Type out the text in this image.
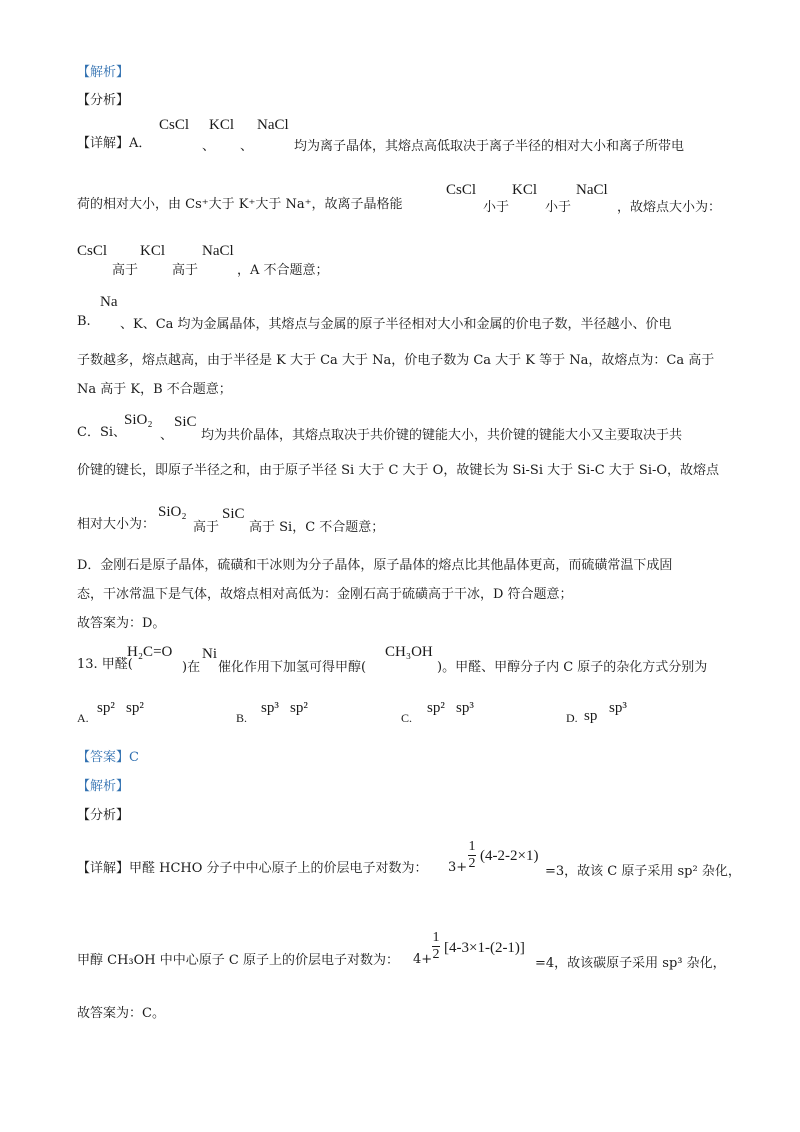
【解析】
【分析】
【详解】A．
CsCl
、
KCl
、
NaCl
均为离子晶体，其熔点高低取决于离子半径的相对大小和离子所带电
荷的相对大小，由 Cs⁺大于 K⁺大于 Na⁺，故离子晶格能
CsCl
小于
KCl
小于
NaCl
，故熔点大小为：
CsCl
高于
KCl
高于
NaCl
，A 不合题意；
B.
Na
、K、Ca 均为金属晶体，其熔点与金属的原子半径相对大小和金属的价电子数，半径越小、价电
子数越多，熔点越高，由于半径是 K 大于 Ca 大于 Na，价电子数为 Ca 大于 K 等于 Na，故熔点为：Ca 高于
Na 高于 K，B 不合题意；
C．Si、
SiO₂
、
SiC
均为共价晶体，其熔点取决于共价键的键能大小，共价键的键能大小又主要取决于共
价键的键长，即原子半径之和，由于原子半径 Si 大于 C 大于 O，故键长为 Si-Si 大于 Si-C 大于 Si-O，故熔点
相对大小为：
SiO₂
高于
SiC
高于 Si，C 不合题意；
D．金刚石是原子晶体，硫磺和干冰则为分子晶体，原子晶体的熔点比其他晶体更高，而硫磺常温下成固
态，干冰常温下是气体，故熔点相对高低为：金刚石高于硫磺高于干冰，D 符合题意；
故答案为：D。
13. 甲醛(
H₂C=O
)在
Ni
催化作用下加氢可得甲醇(
CH₃OH
)。甲醛、甲醇分子内 C 原子的杂化方式分别为
A.
sp² sp²
B.
sp³ sp²
C.
sp² sp³
D. sp sp³
【答案】C
【解析】
【分析】
【详解】甲醛 HCHO 分子中中心原子上的价层电子对数为： 3+
1
2 (4-2-2×1)
=3，故该 C 原子采用 sp² 杂化，
甲醇 CH₃OH 中中心原子 C 原子上的价层电子对数为： 4+
1
2 [4-3×1-(2-1)]
=4，故该碳原子采用 sp³ 杂化，
故答案为：C。
